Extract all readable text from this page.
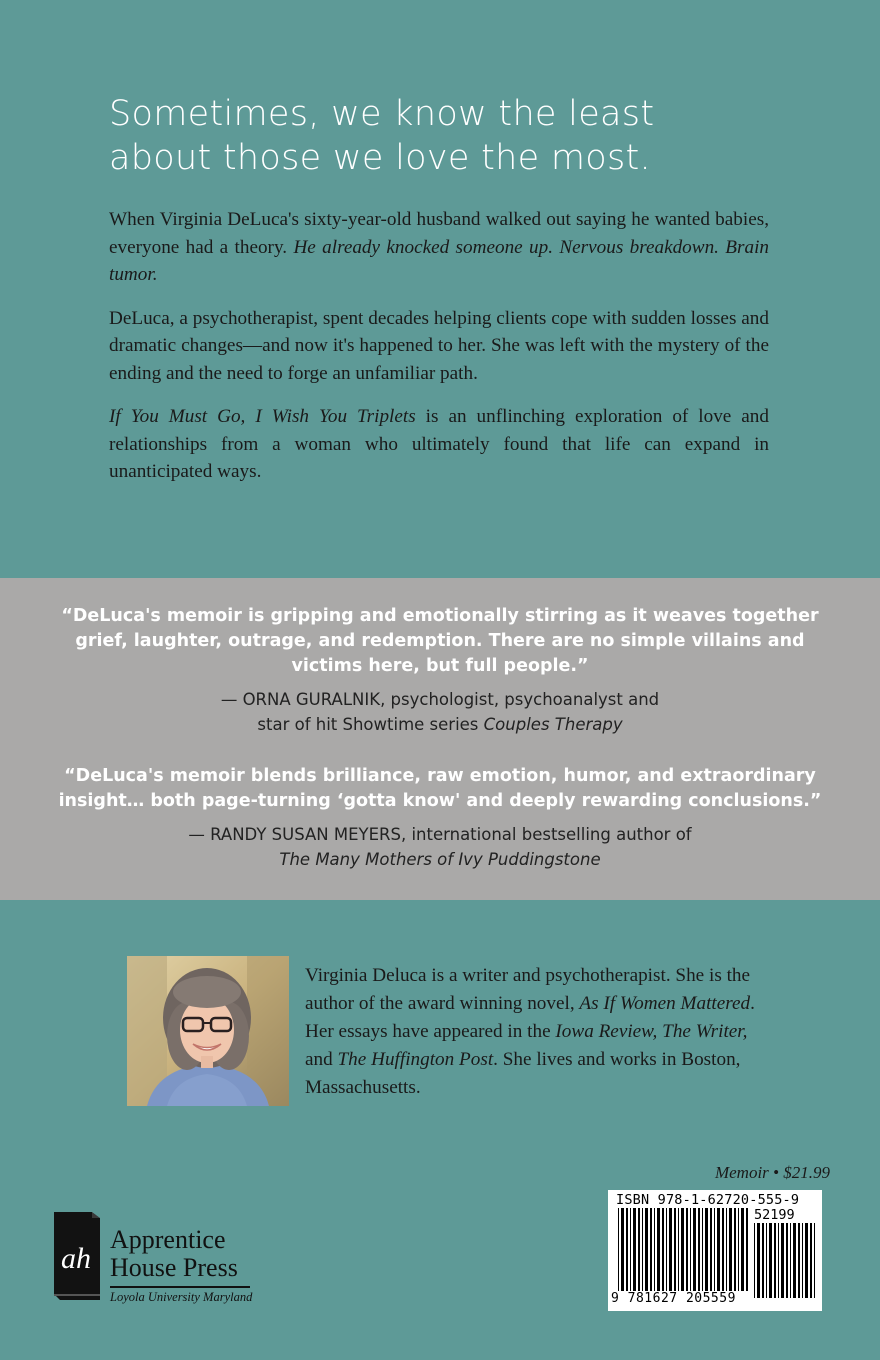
Sometimes, we know the least
about those we love the most.

When Virginia DeLuca's sixty-year-old husband walked out saying he wanted babies, everyone had a theory. He already knocked someone up. Nervous breakdown. Brain tumor.

DeLuca, a psychotherapist, spent decades helping clients cope with sudden losses and dramatic changes—and now it's happened to her. She was left with the mystery of the ending and the need to forge an unfamiliar path.

If You Must Go, I Wish You Triplets is an unflinching exploration of love and relationships from a woman who ultimately found that life can expand in unanticipated ways.

“DeLuca's memoir is gripping and emotionally stirring as it weaves together grief, laughter, outrage, and redemption. There are no simple villains and victims here, but full people.”
— ORNA GURALNIK, psychologist, psychoanalyst and
star of hit Showtime series Couples Therapy
“DeLuca's memoir blends brilliance, raw emotion, humor, and extraordinary insight… both page-turning ‘gotta know' and deeply rewarding conclusions.”
— RANDY SUSAN MEYERS, international bestselling author of
The Many Mothers of Ivy Puddingstone
Virginia Deluca is a writer and psychotherapist. She is the author of the award winning novel, As If Women Mattered. Her essays have appeared in the Iowa Review, The Writer, and The Huffington Post. She lives and works in Boston, Massachusetts.
Memoir • $21.99
ISBN 978-1-62720-555-9
52199
9 781627 205559
ah
Apprentice
House Press
Loyola University Maryland
